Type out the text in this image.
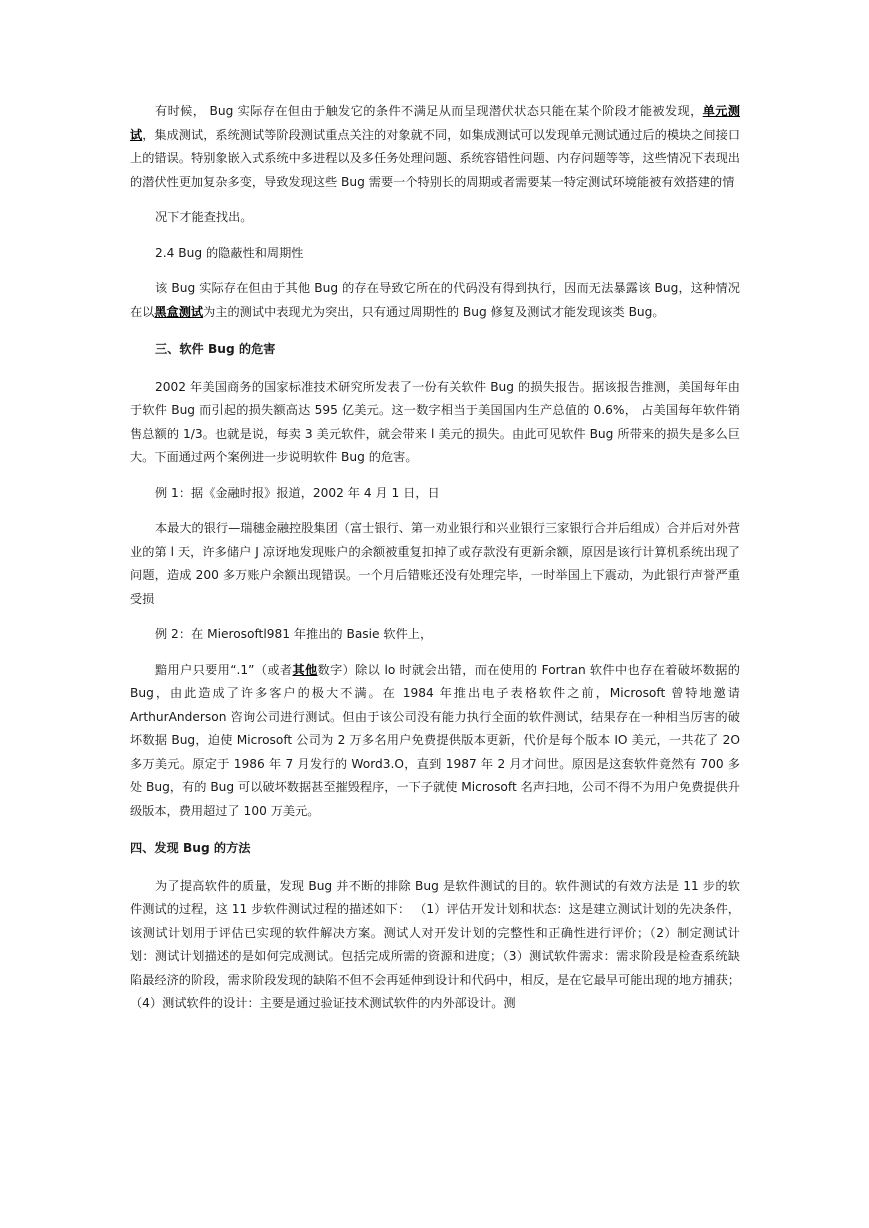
有时候， Bug 实际存在但由于触发它的条件不满足从而呈现潜伏状态只能在某个阶段才能被发现，单元测试，集成测试，系统测试等阶段测试重点关注的对象就不同，如集成测试可以发现单元测试通过后的模块之间接口上的错误。特别象嵌入式系统中多进程以及多任务处理问题、系统容错性问题、内存问题等等，这些情况下表现出的潜伏性更加复杂多变，导致发现这些 Bug 需要一个特别长的周期或者需要某一特定测试环境能被有效搭建的情

况下才能查找出。

2.4 Bug 的隐蔽性和周期性

该 Bug 实际存在但由于其他 Bug 的存在导致它所在的代码没有得到执行，因而无法暴露该 Bug，这种情况在以黑盒测试为主的测试中表现尤为突出，只有通过周期性的 Bug 修复及测试才能发现该类 Bug。

三、软件 Bug 的危害

2002 年美国商务的国家标准技术研究所发表了一份有关软件 Bug 的损失报告。据该报告推测，美国每年由于软件 Bug 而引起的损失额高达 595 亿美元。这一数字相当于美国国内生产总值的 0.6%， 占美国每年软件销售总额的 1/3。也就是说，每卖 3 美元软件，就会带来 l 美元的损失。由此可见软件 Bug 所带来的损失是多么巨大。下面通过两个案例进一步说明软件 Bug 的危害。

例 1：据《金融时报》报道，2002 年 4 月 1 日，日

本最大的银行—瑞穗金融控股集团（富士银行、第一劝业银行和兴业银行三家银行合并后组成）合并后对外营业的第 l 天，许多储户 J 凉讶地发现账户的余额被重复扣掉了或存款没有更新余额，原因是该行计算机系统出现了问题，造成 200 多万账户余额出现错误。一个月后错账还没有处理完毕，一时举国上下震动，为此银行声誉严重受损

例 2：在 Mierosoftl981 年推出的 Basie 软件上，

黯用户只要用“.1”（或者其他数字）除以 lo 时就会出错，而在使用的 Fortran 软件中也存在着破坏数据的 Bug，由此造成了许多客户的极大不满。在 1984 年推出电子表格软件之前，Microsoft 曾特地邀请 ArthurAnderson 咨询公司进行测试。但由于该公司没有能力执行全面的软件测试，结果存在一种相当厉害的破坏数据 Bug，迫使 Microsoft 公司为 2 万多名用户免费提供版本更新，代价是每个版本 IO 美元，一共花了 2O 多万美元。原定于 1986 年 7 月发行的 Word3.O，直到 1987 年 2 月才问世。原因是这套软件竟然有 700 多处 Bug，有的 Bug 可以破坏数据甚至摧毁程序，一下子就使 Microsoft 名声扫地，公司不得不为用户免费提供升级版本，费用超过了 100 万美元。

四、发现 Bug 的方法

为了提高软件的质量，发现 Bug 并不断的排除 Bug 是软件测试的目的。软件测试的有效方法是 11 步的软件测试的过程，这 11 步软件测试过程的描述如下： （1）评估开发计划和状态：这是建立测试计划的先决条件，该测试计划用于评估已实现的软件解决方案。测试人对开发计划的完整性和正确性进行评价；（2）制定测试计划：测试计划描述的是如何完成测试。包括完成所需的资源和进度；（3）测试软件需求：需求阶段是检查系统缺陷最经济的阶段，需求阶段发现的缺陷不但不会再延伸到设计和代码中，相反，是在它最早可能出现的地方捕获； （4）测试软件的设计：主要是通过验证技术测试软件的内外部设计。测
